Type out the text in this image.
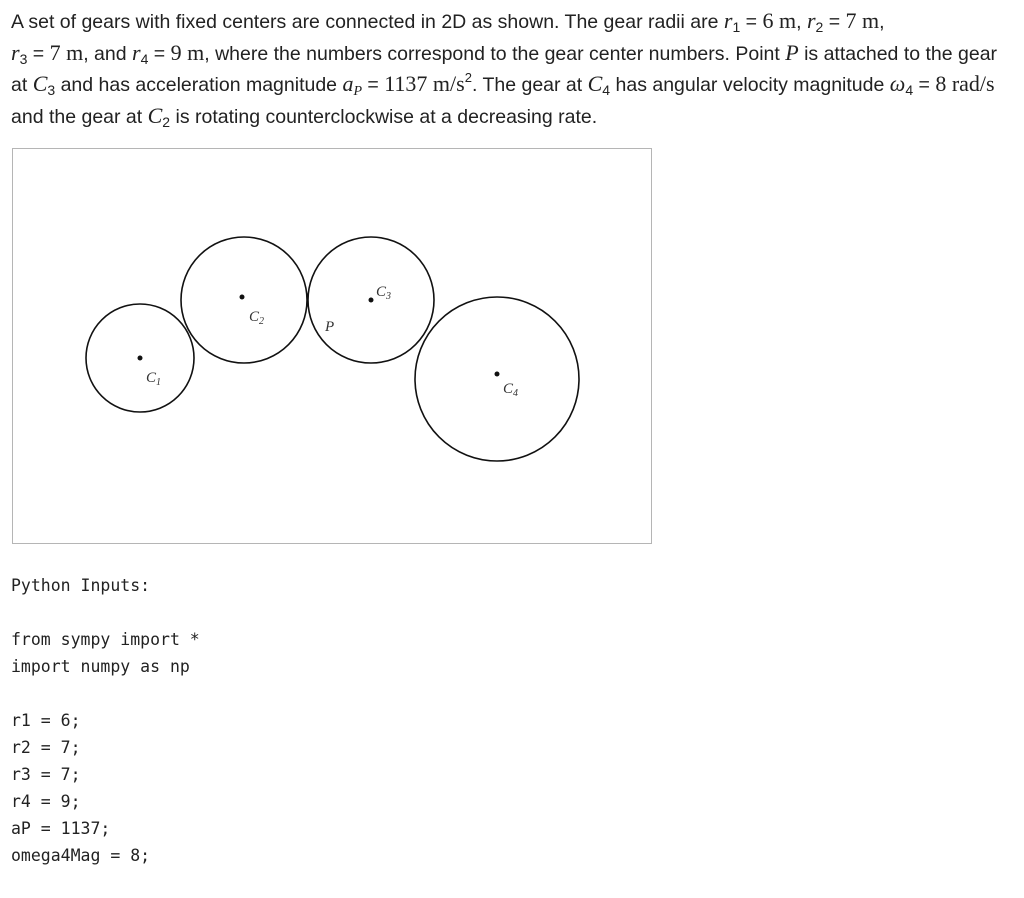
A set of gears with fixed centers are connected in 2D as shown. The gear radii are $r_1 = 6$ m, $r_2 = 7$ m,
$r_3 = 7$ m, and $r_4 = 9$ m, where the numbers correspond to the gear center numbers. Point P is attached to the gear at $C_3$ and has acceleration magnitude $a_P = 1137$ $m/s^2$. The gear at $C_4$ has angular velocity magnitude $\omega_4 = 8$ rad/s and the gear at $C_2$ is rotating counterclockwise at a decreasing rate.
$C_1$
$C_2$
$C_3$
$C_4$
P
Python Inputs:
from sympy import *
import numpy as np
r1 = 6;
r2 = 7;
r3 = 7;
r4 = 9;
aP = 1137;
omega4Mag = 8;
